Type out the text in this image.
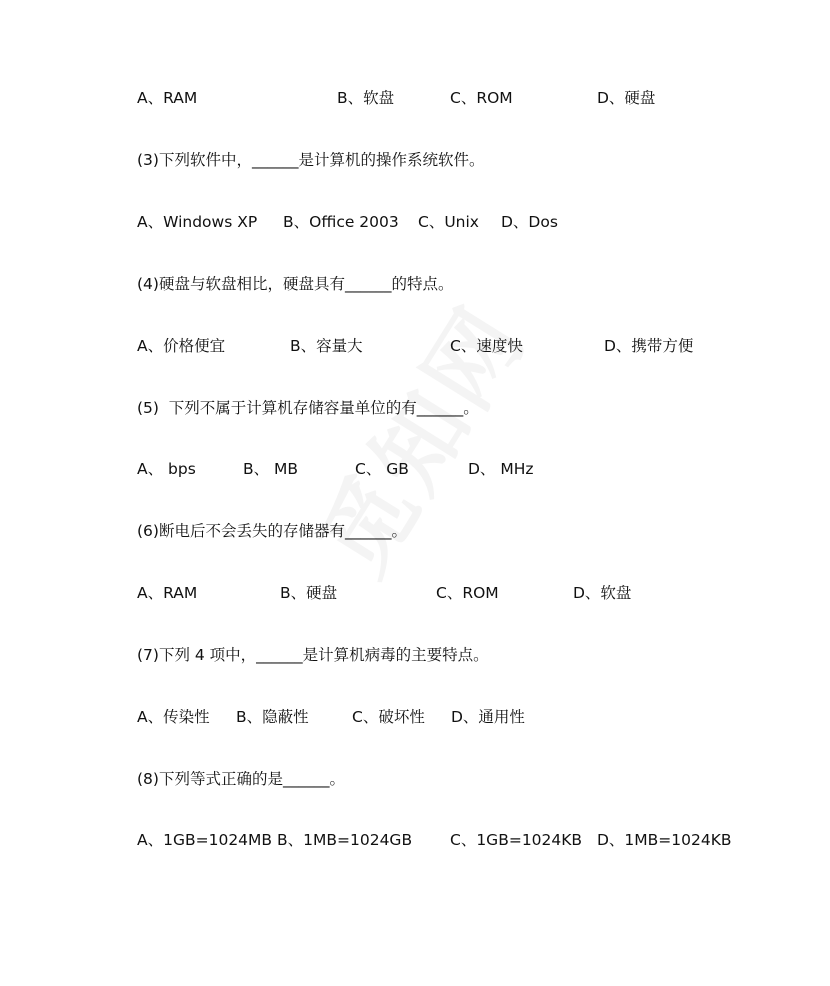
A、RAM	B、软盘	C、ROM	D、硬盘
(3)下列软件中，______是计算机的操作系统软件。
A、Windows XP B、Office 2003 C、Unix D、Dos
(4)硬盘与软盘相比，硬盘具有______的特点。
A、价格便宜	B、容量大	C、速度快	D、携带方便
(5)  下列不属于计算机存储容量单位的有______。
A、 bps	B、 MB	C、 GB	D、 MHz
(6)断电后不会丢失的存储器有______。
A、RAM	B、硬盘	C、ROM	D、软盘
(7)下列 4 项中，______是计算机病毒的主要特点。
A、传染性 B、隐蔽性	C、破坏性 D、通用性
(8)下列等式正确的是______。
A、1GB=1024MB B、1MB=1024GB C、1GB=1024KB D、1MB=1024KB
